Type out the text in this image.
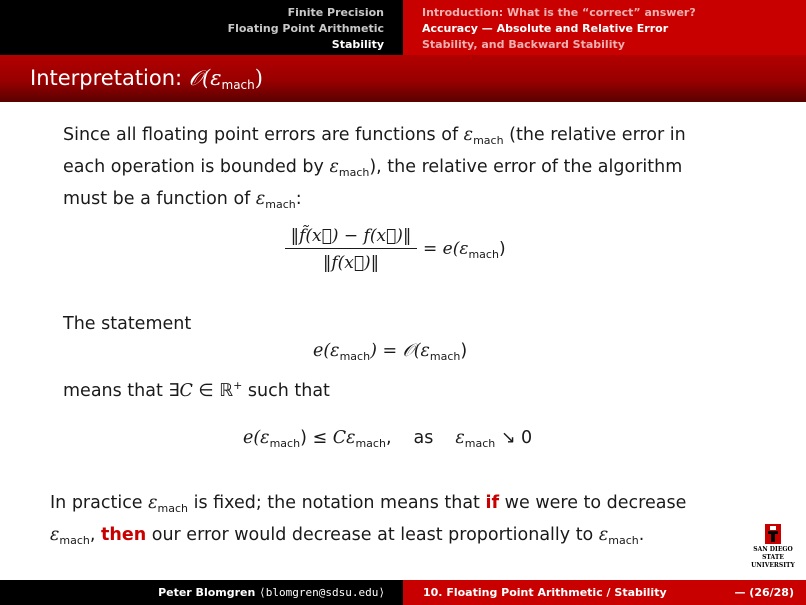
Finite Precision
Floating Point Arithmetic
Stability
Introduction: What is the “correct” answer?
Accuracy — Absolute and Relative Error
Stability, and Backward Stability
Interpretation: $𝒪(\varepsilon_{mach})$

Since all floating point errors are functions of $\varepsilon_{mach}$ (the relative error in
each operation is bounded by $\varepsilon_{mach}$), the relative error of the algorithm
must be a function of $\varepsilon_{mach}$:

$\frac{‖f̃(x⃗) - f(x⃗)‖}{‖f(x⃗)‖} = e(\varepsilon_{mach})$
The statement
$e(\varepsilon_{mach})$ = $𝒪(\varepsilon_{mach})$
means that ∃C ∈ ℝ+ such that
$e(\varepsilon_{mach}) \le C\varepsilon_{mach}$, as $\varepsilon_{mach}$ ↘ 0
In practice $\varepsilon_{mach}$ is fixed; the notation means that if we were to decrease
$\varepsilon_{mach}$, then our error would decrease at least proportionally to $\varepsilon_{mach}$.
SAN DIEGO STATE
UNIVERSITY
Peter Blomgren ⟨blomgren@sdsu.edu⟩	10. Floating Point Arithmetic / Stability	— (26/28)
